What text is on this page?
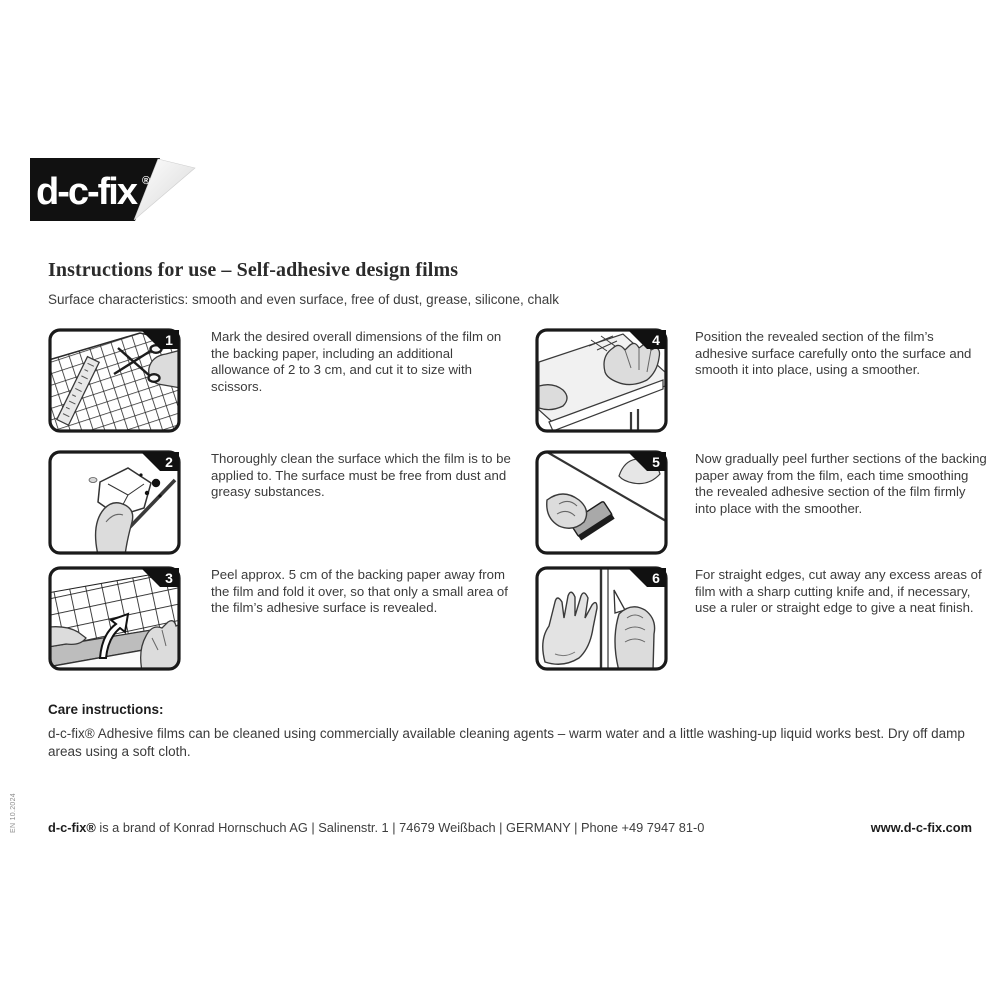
d-c-fix ®
Instructions for use – Self-adhesive design films
Surface characteristics: smooth and even surface, free of dust, grease, silicone, chalk
1	Mark the desired overall dimensions of the film on the backing paper, including an additional allowance of 2 to 3 cm, and cut it to size with scissors.
4	Position the revealed section of the film’s adhesive surface carefully onto the surface and smooth it into place, using a smoother.
2	Thoroughly clean the surface which the film is to be applied to. The surface must be free from dust and greasy substances.
5	Now gradually peel further sections of the backing paper away from the film, each time smoothing the revealed adhesive section of the film firmly into place with the smoother.
3	Peel approx. 5 cm of the backing paper away from the film and fold it over, so that only a small area of the film’s adhesive surface is revealed.
6	For straight edges, cut away any excess areas of film with a sharp cutting knife and, if necessary, use a ruler or straight edge to give a neat finish.
Care instructions:
d-c-fix® Adhesive films can be cleaned using commercially available cleaning agents – warm water and a little washing-up liquid works best. Dry off damp areas using a soft cloth.
d-c-fix® is a brand of Konrad Hornschuch AG | Salinenstr. 1 | 74679 Weißbach | GERMANY | Phone +49 7947 81-0	www.d-c-fix.com
EN 10.2024
